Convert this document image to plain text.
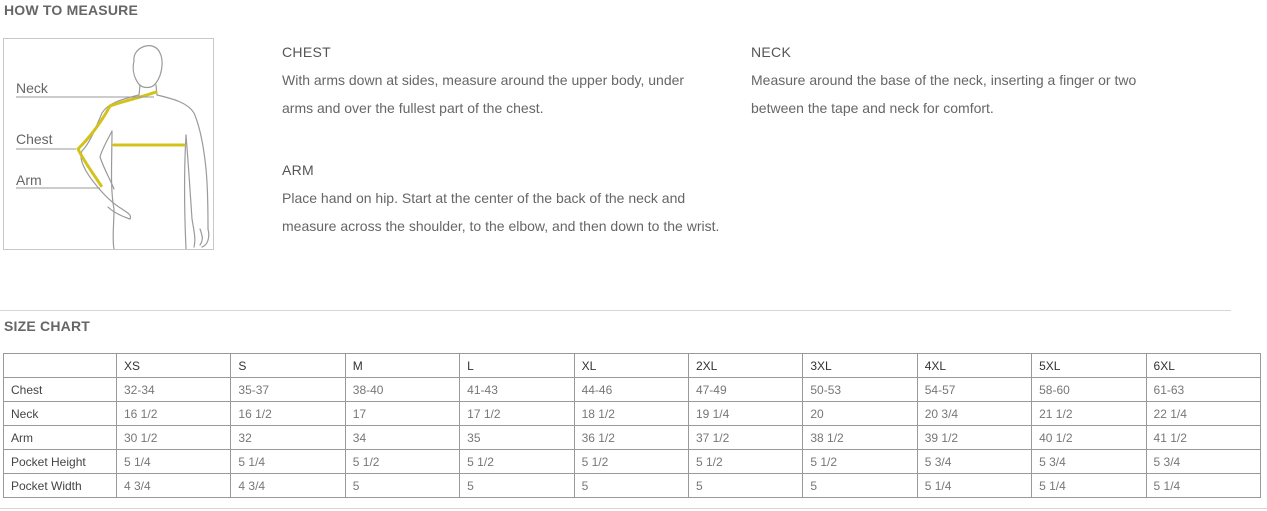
HOW TO MEASURE
Neck
Chest
Arm
CHEST
With arms down at sides, measure around the upper body, under arms and over the fullest part of the chest.
NECK
Measure around the base of the neck, inserting a finger or two between the tape and neck for comfort.
ARM
Place hand on hip. Start at the center of the back of the neck and measure across the shoulder, to the elbow, and then down to the wrist.
SIZE CHART
	XS	S	M	L	XL	2XL	3XL	4XL	5XL	6XL
Chest	32-34	35-37	38-40	41-43	44-46	47-49	50-53	54-57	58-60	61-63
Neck	16 1/2	16 1/2	17	17 1/2	18 1/2	19 1/4	20	20 3/4	21 1/2	22 1/4
Arm	30 1/2	32	34	35	36 1/2	37 1/2	38 1/2	39 1/2	40 1/2	41 1/2
Pocket Height	5 1/4	5 1/4	5 1/2	5 1/2	5 1/2	5 1/2	5 1/2	5 3/4	5 3/4	5 3/4
Pocket Width	4 3/4	4 3/4	5	5	5	5	5	5 1/4	5 1/4	5 1/4
